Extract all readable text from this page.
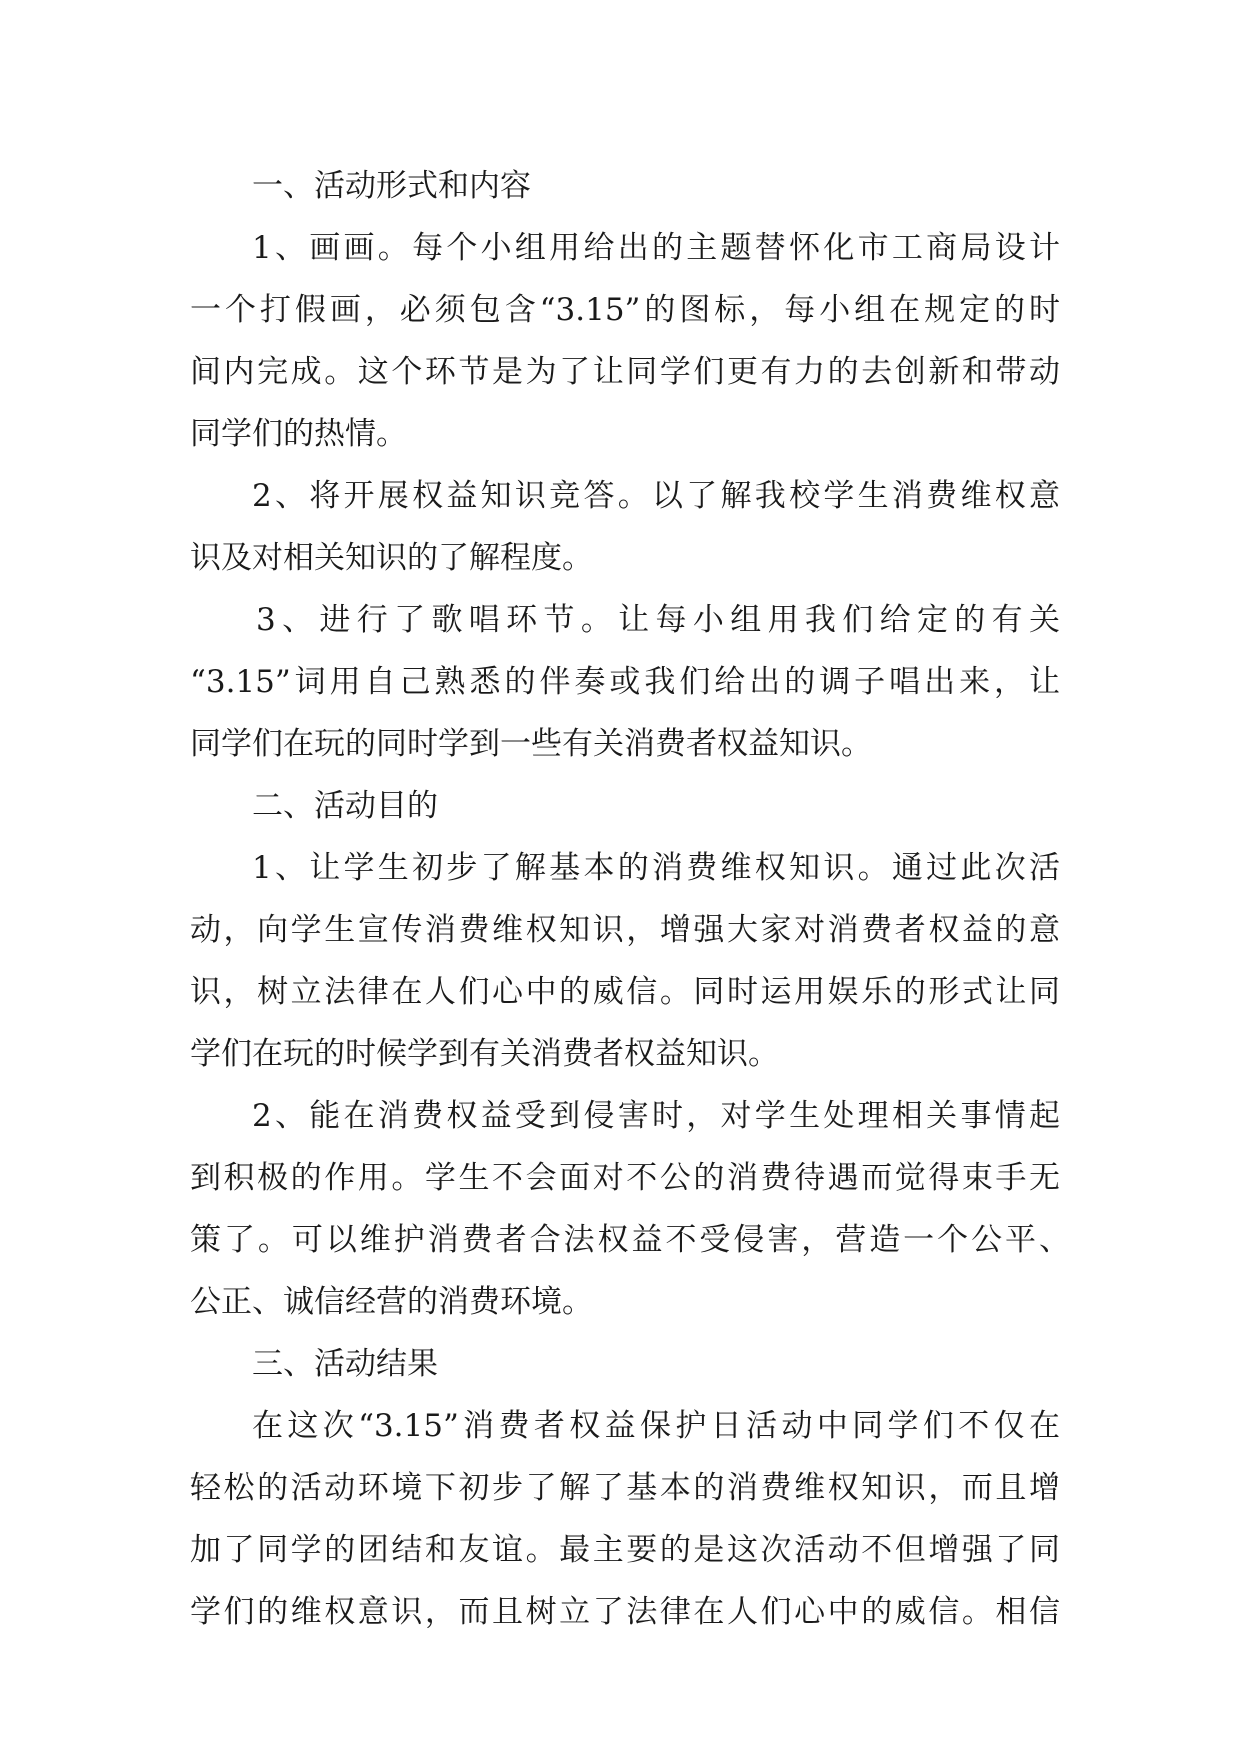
一、活动形式和内容
1、画画。每个小组用给出的主题替怀化市工商局设计
一个打假画，必须包含“3.15”的图标，每小组在规定的时
间内完成。这个环节是为了让同学们更有力的去创新和带动
同学们的热情。
2、将开展权益知识竞答。以了解我校学生消费维权意
识及对相关知识的了解程度。
3、进行了歌唱环节。让每小组用我们给定的有关
“3.15”词用自己熟悉的伴奏或我们给出的调子唱出来，让
同学们在玩的同时学到一些有关消费者权益知识。
二、活动目的
1、让学生初步了解基本的消费维权知识。通过此次活
动，向学生宣传消费维权知识，增强大家对消费者权益的意
识，树立法律在人们心中的威信。同时运用娱乐的形式让同
学们在玩的时候学到有关消费者权益知识。
2、能在消费权益受到侵害时，对学生处理相关事情起
到积极的作用。学生不会面对不公的消费待遇而觉得束手无
策了。可以维护消费者合法权益不受侵害，营造一个公平、
公正、诚信经营的消费环境。
三、活动结果
在这次“3.15”消费者权益保护日活动中同学们不仅在
轻松的活动环境下初步了解了基本的消费维权知识，而且增
加了同学的团结和友谊。最主要的是这次活动不但增强了同
学们的维权意识，而且树立了法律在人们心中的威信。相信
